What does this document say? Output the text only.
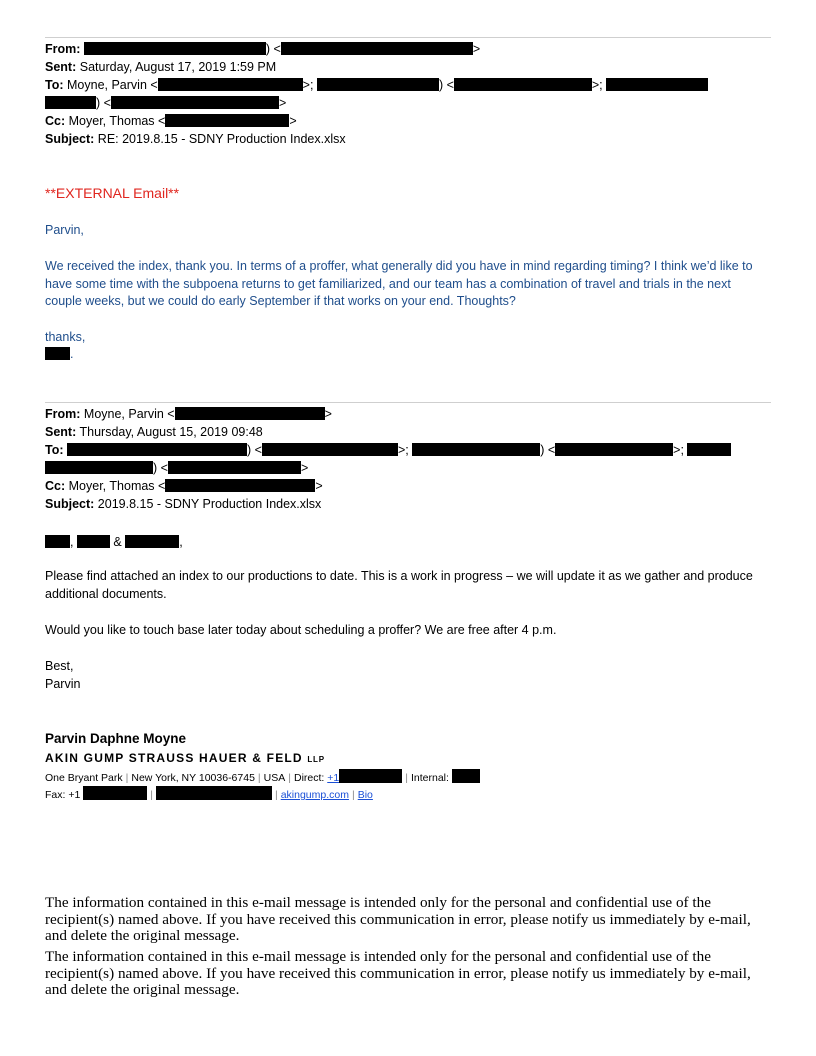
From:	) <	>
Sent: Saturday, August 17, 2019 1:59 PM
To: Moyne, Parvin <	>;	) <	>;
) <	>
Cc: Moyer, Thomas <	>
Subject: RE: 2019.8.15 - SDNY Production Index.xlsx
**EXTERNAL Email**
Parvin,
We received the index, thank you. In terms of a proffer, what generally did you have in mind regarding timing? I think we’d like to have some time with the subpoena returns to get familiarized, and our team has a combination of travel and trials in the next couple weeks, but we could do early September if that works on your end. Thoughts?
thanks,
.
From: Moyne, Parvin <	>
Sent: Thursday, August 15, 2019 09:48
To:	) <	>;	) <	>;
) <	>
Cc: Moyer, Thomas <	>
Subject: 2019.8.15 - SDNY Production Index.xlsx
,	&	,
Please find attached an index to our productions to date. This is a work in progress – we will update it as we gather and produce additional documents.
Would you like to touch base later today about scheduling a proffer? We are free after 4 p.m.
Best,
Parvin
Parvin Daphne Moyne
AKIN GUMP STRAUSS HAUER & FELD LLP
One Bryant Park | New York, NY 10036-6745 | USA | Direct: +1	| Internal:
Fax: +1	|	| akingump.com | Bio
The information contained in this e-mail message is intended only for the personal and confidential use of the recipient(s) named above. If you have received this communication in error, please notify us immediately by e-mail, and delete the original message.
The information contained in this e-mail message is intended only for the personal and confidential use of the recipient(s) named above. If you have received this communication in error, please notify us immediately by e-mail, and delete the original message.
